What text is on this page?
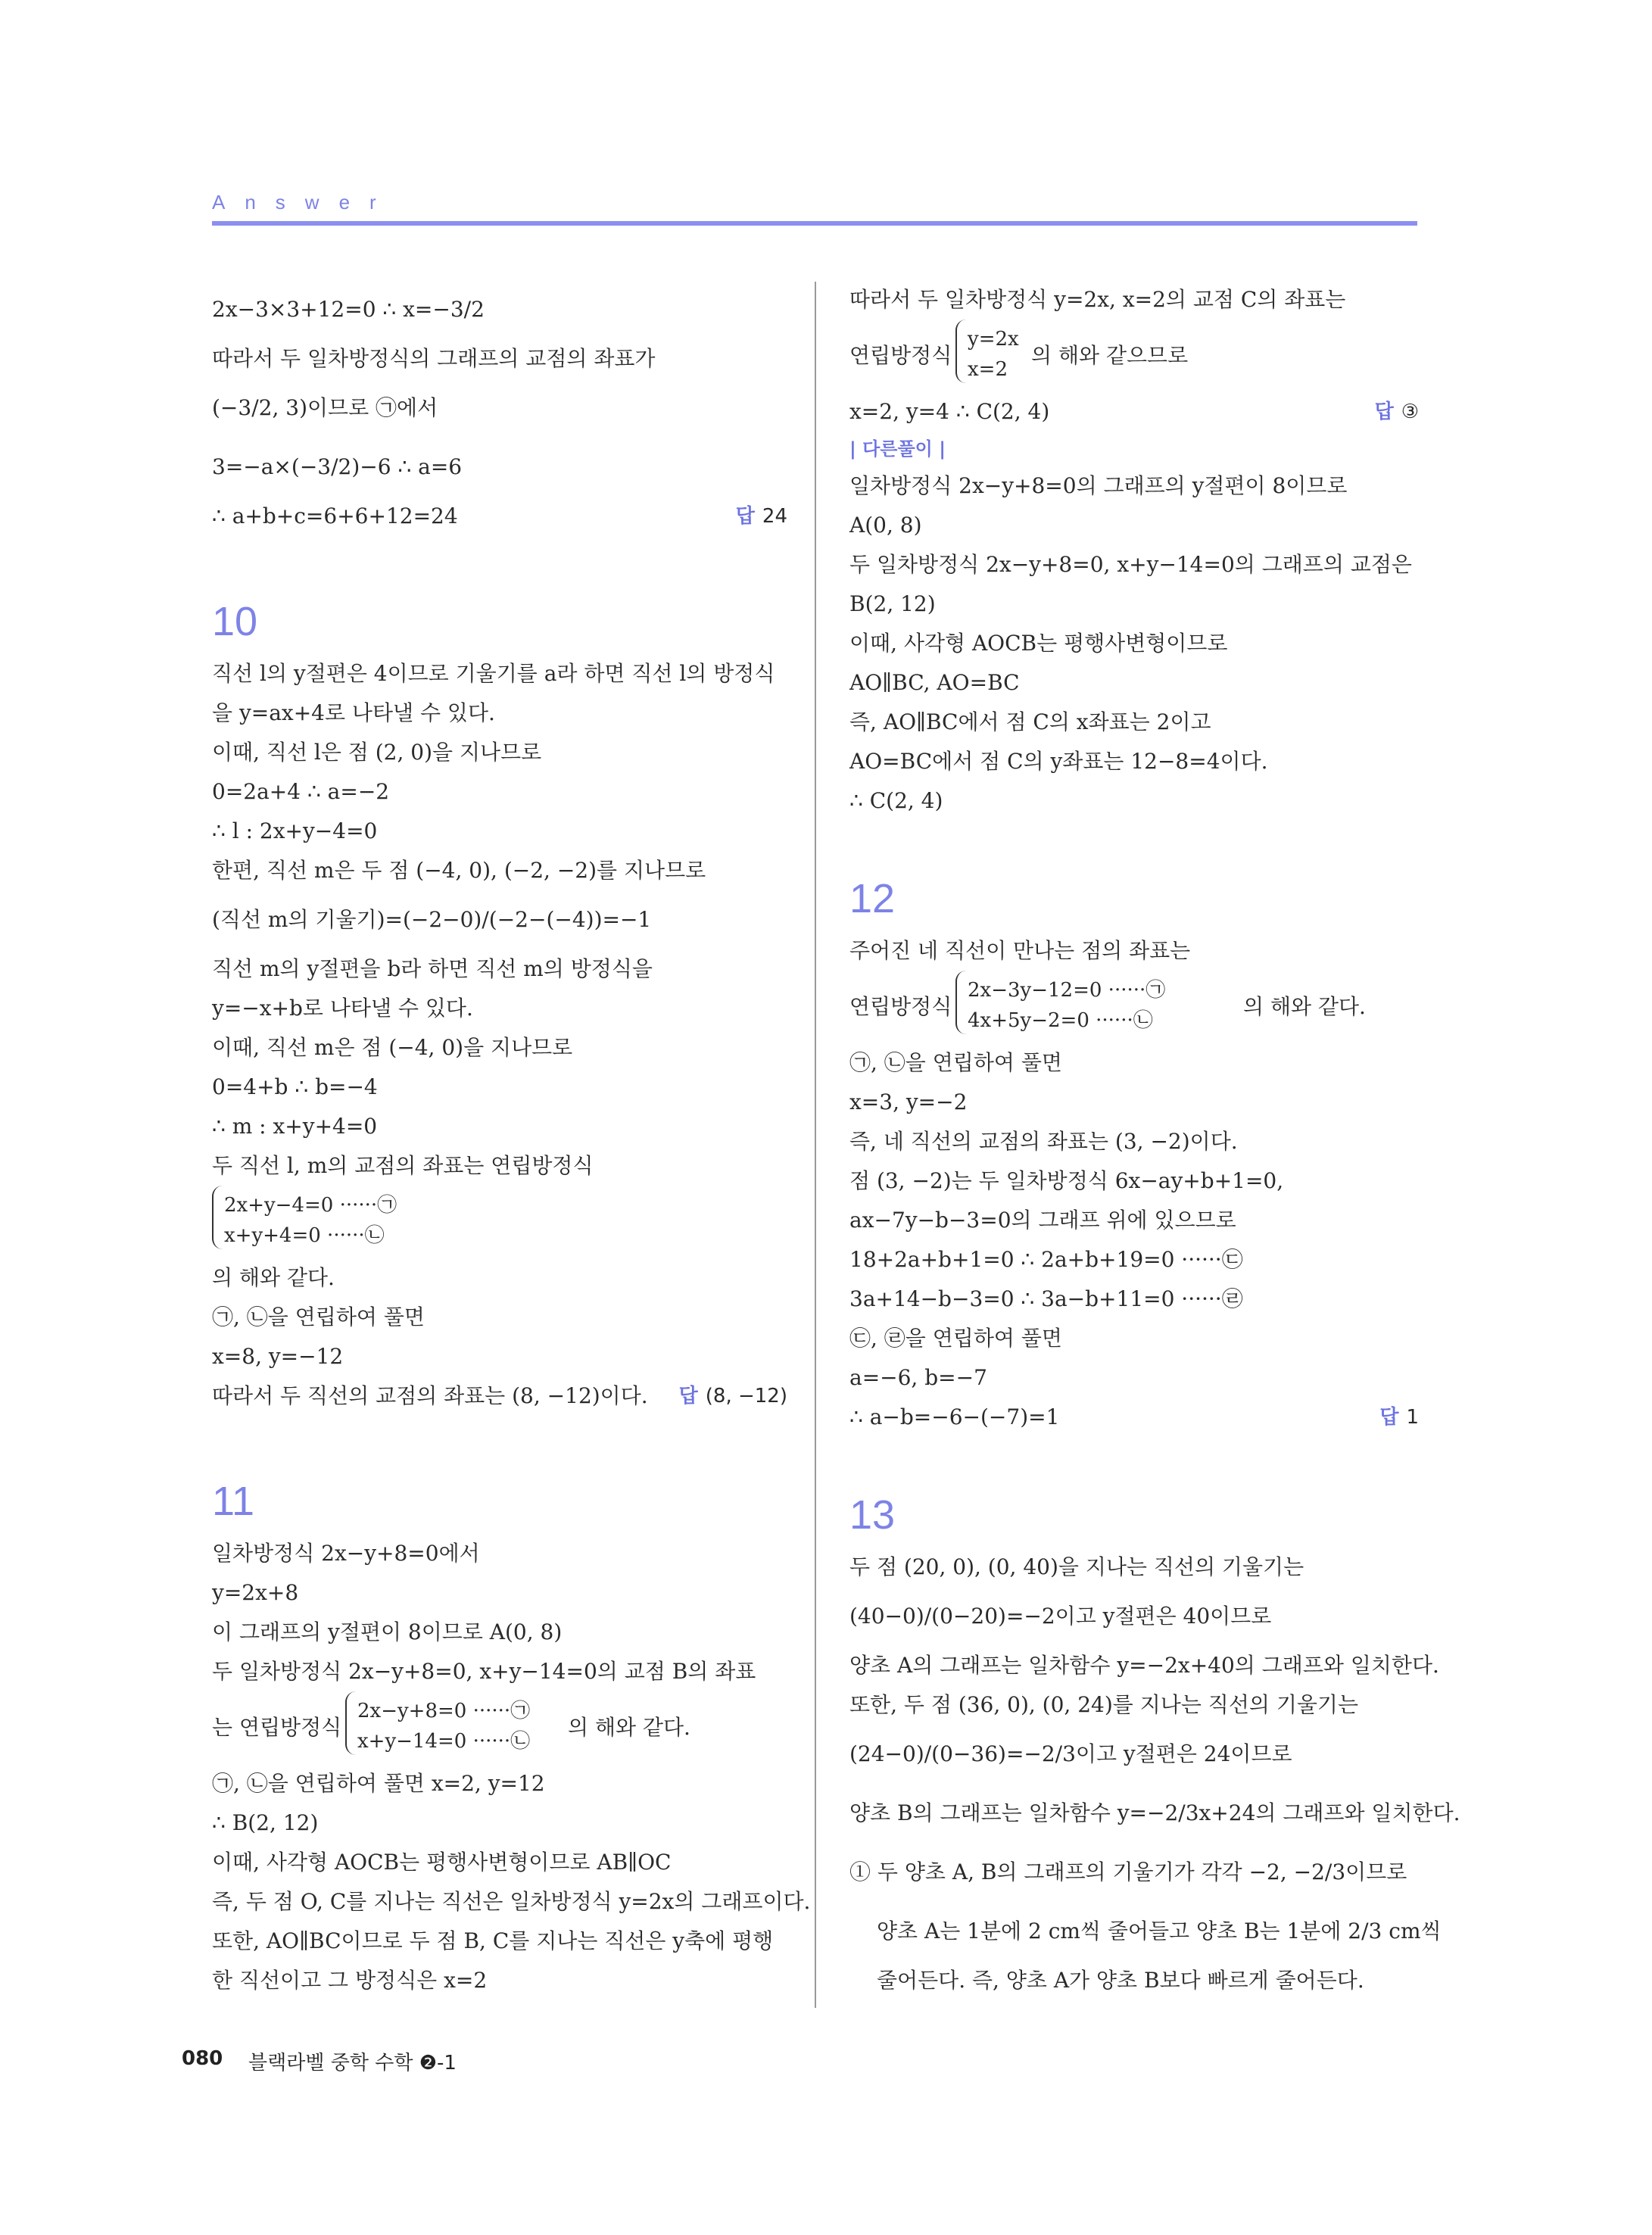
Answer
2x−3×3+12=0 ∴ x=−3/2
따라서 두 일차방정식의 그래프의 교점의 좌표가
(−3/2, 3)이므로 ㉠에서
3=−a×(−3/2)−6 ∴ a=6
∴ a+b+c=6+6+12=24	답 24
10
직선 l의 y절편은 4이므로 기울기를 a라 하면 직선 l의 방정식
을 y=ax+4로 나타낼 수 있다.
이때, 직선 l은 점 (2, 0)을 지나므로
0=2a+4 ∴ a=−2
∴ l : 2x+y−4=0
한편, 직선 m은 두 점 (−4, 0), (−2, −2)를 지나므로
(직선 m의 기울기)=(−2−0)/(−2−(−4))=−1
직선 m의 y절편을 b라 하면 직선 m의 방정식을
y=−x+b로 나타낼 수 있다.
이때, 직선 m은 점 (−4, 0)을 지나므로
0=4+b ∴ b=−4
∴ m : x+y+4=0
두 직선 l, m의 교점의 좌표는 연립방정식
2x+y−4=0 ······㉠
x+y+4=0 ······㉡
의 해와 같다.
㉠, ㉡을 연립하여 풀면
x=8, y=−12
따라서 두 직선의 교점의 좌표는 (8, −12)이다. 답 (8, −12)
11
일차방정식 2x−y+8=0에서
y=2x+8
이 그래프의 y절편이 8이므로 A(0, 8)
두 일차방정식 2x−y+8=0, x+y−14=0의 교점 B의 좌표
는 연립방정식
2x−y+8=0 ······㉠
x+y−14=0 ······㉡
의 해와 같다.
㉠, ㉡을 연립하여 풀면 x=2, y=12
∴ B(2, 12)
이때, 사각형 AOCB는 평행사변형이므로 AB∥OC
즉, 두 점 O, C를 지나는 직선은 일차방정식 y=2x의 그래프이다.
또한, AO∥BC이므로 두 점 B, C를 지나는 직선은 y축에 평행
한 직선이고 그 방정식은 x=2
따라서 두 일차방정식 y=2x, x=2의 교점 C의 좌표는
연립방정식
y=2x
x=2
의 해와 같으므로
x=2, y=4 ∴ C(2, 4)	답 ③
| 다른풀이 |
일차방정식 2x−y+8=0의 그래프의 y절편이 8이므로
A(0, 8)
두 일차방정식 2x−y+8=0, x+y−14=0의 그래프의 교점은
B(2, 12)
이때, 사각형 AOCB는 평행사변형이므로
AO∥BC, AO=BC
즉, AO∥BC에서 점 C의 x좌표는 2이고
AO=BC에서 점 C의 y좌표는 12−8=4이다.
∴ C(2, 4)
12
주어진 네 직선이 만나는 점의 좌표는
연립방정식
2x−3y−12=0 ······㉠
4x+5y−2=0 ······㉡
의 해와 같다.
㉠, ㉡을 연립하여 풀면
x=3, y=−2
즉, 네 직선의 교점의 좌표는 (3, −2)이다.
점 (3, −2)는 두 일차방정식 6x−ay+b+1=0,
ax−7y−b−3=0의 그래프 위에 있으므로
18+2a+b+1=0 ∴ 2a+b+19=0 ······㉢
3a+14−b−3=0 ∴ 3a−b+11=0 ······㉣
㉢, ㉣을 연립하여 풀면
a=−6, b=−7
∴ a−b=−6−(−7)=1	답 1
13
두 점 (20, 0), (0, 40)을 지나는 직선의 기울기는
(40−0)/(0−20)=−2이고 y절편은 40이므로
양초 A의 그래프는 일차함수 y=−2x+40의 그래프와 일치한다.
또한, 두 점 (36, 0), (0, 24)를 지나는 직선의 기울기는
(24−0)/(0−36)=−2/3이고 y절편은 24이므로
양초 B의 그래프는 일차함수 y=−2/3x+24의 그래프와 일치한다.
① 두 양초 A, B의 그래프의 기울기가 각각 −2, −2/3이므로
양초 A는 1분에 2 cm씩 줄어들고 양초 B는 1분에 2/3 cm씩
줄어든다. 즉, 양초 A가 양초 B보다 빠르게 줄어든다.
080 블랙라벨 중학 수학 ❷-1
